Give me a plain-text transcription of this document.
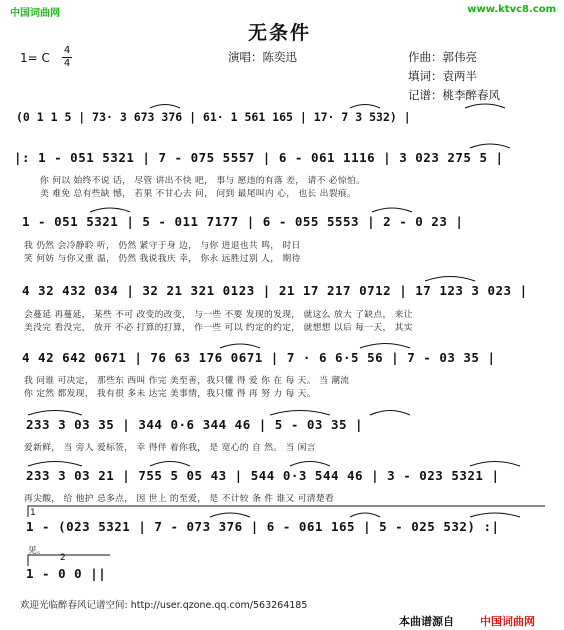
中国词曲网	www.ktvc8.com
无条件
1= C
4
4	演唱：陈奕迅	作曲：郭伟亮
填词：袁两半
记谱：桃李醉春风
(0 1 1 5 | 73· 3 673 376 | 61· 1 561 165 | 17· 7 3 532) |
|: 1 - 051 5321 | 7 - 075 5557 | 6 - 061 1116 | 3 023 275 5 |
你 何以 始终不说 话， 尽管 讲出不快 吧， 事与 愿违的有落 差， 请不 必惊怕。
美 难免 总有些缺 憾， 若果 不甘心去 问， 问到 最尾叫内 心， 也长 出裂痕。
1 - 051 5321 | 5 - 011 7177 | 6 - 055 5553 | 2 - 0 23 |
我 仍然 会冷静聆 听， 仍然 紧守于身 边， 与你 进退也共 鸣， 时日
笑 何妨 与你又重 温， 仍然 我说我庆 幸， 你永 远胜过别 人， 期待
4 32 432 034 | 32 21 321 0123 | 21 17 217 0712 | 17 123 3 023 |
会蔓延 再蔓延， 某些 不可 改变的改变， 与一些 不要 发现的发现， 就这么 放大 了缺点， 来让
美没完 看没完， 放开 不必 打算的打算， 作一些 可以 约定的约定， 就想想 以后 每一天， 其实
4 42 642 0671 | 76 63 176 0671 | 7 · 6 6·5 56 | 7 - 03 35 |
我 问谁 可决定， 那些东 西叫 作完 美至善，我只懂 得 爱 你 在 每 天。 当 潮流
你 定然 都发现， 我有很 多未 达完 美事情，我只懂 得 再 努 力 每 天。
233 3 03 35 | 344 0·6 344 46 | 5 - 03 35 |
爱新鲜， 当 旁人 爱标签， 幸 得伴 着你我， 是 宽心的 自 然。 当 闲言
233 3 03 21 | 755 5 05 43 | 544 0·3 544 46 | 3 - 023 5321 |
再尖酸， 给 他护 忌多点， 因 世上 的至爱， 是 不计较 条 件 谁又 可清楚看
1
1 - (023 5321 | 7 - 073 376 | 6 - 061 165 | 5 - 025 532) :|
见。
2
1 - 0 0 ||
欢迎光临醉春风记谱空间: http://user.qzone.qq.com/563264185
本曲谱源自 中国词曲网
